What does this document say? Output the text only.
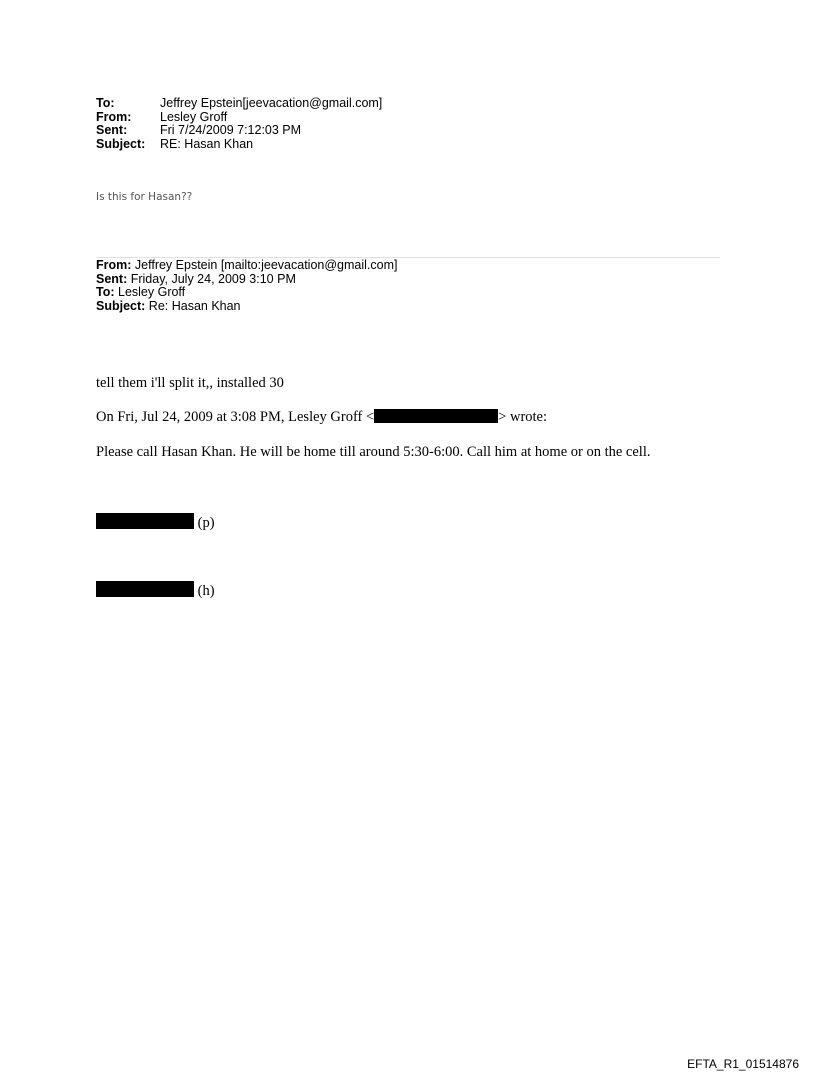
To:	Jeffrey Epstein[jeevacation@gmail.com]
From:	Lesley Groff
Sent:	Fri 7/24/2009 7:12:03 PM
Subject:	RE: Hasan Khan
Is this for Hasan??
From: Jeffrey Epstein [mailto:jeevacation@gmail.com]
Sent: Friday, July 24, 2009 3:10 PM
To: Lesley Groff
Subject: Re: Hasan Khan
tell them i'll split it,, installed 30
On Fri, Jul 24, 2009 at 3:08 PM, Lesley Groff <	> wrote:
Please call Hasan Khan. He will be home till around 5:30-6:00. Call him at home or on the cell.
(p)
(h)
EFTA_R1_01514876
